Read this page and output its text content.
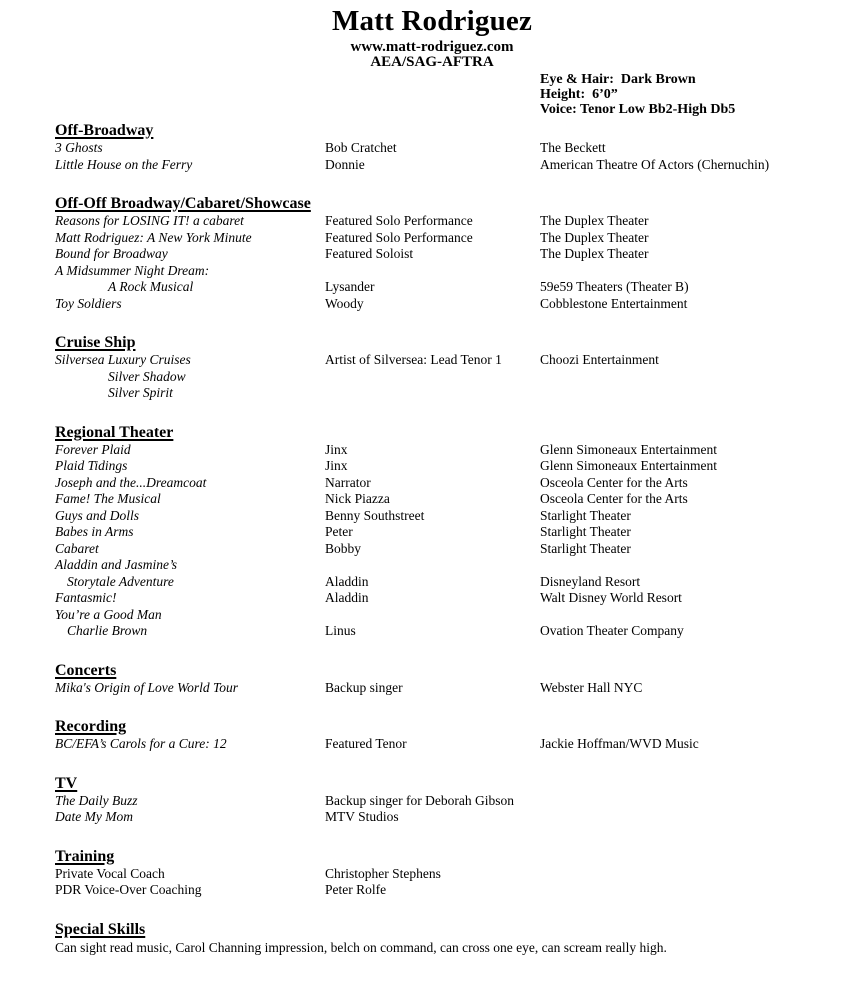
Matt Rodriguez
www.matt-rodriguez.com
AEA/SAG-AFTRA
Eye & Hair:  Dark Brown
Height:  6’0”
Voice: Tenor Low Bb2-High Db5
Off-Broadway
3 Ghosts	Bob Cratchet	The Beckett
Little House on the Ferry	Donnie	American Theatre Of Actors (Chernuchin)
Off-Off Broadway/Cabaret/Showcase
Reasons for LOSING IT! a cabaret	Featured Solo Performance	The Duplex Theater
Matt Rodriguez: A New York Minute	Featured Solo Performance	The Duplex Theater
Bound for Broadway	Featured Soloist	The Duplex Theater
A Midsummer Night Dream:
A Rock Musical	Lysander	59e59 Theaters (Theater B)
Toy Soldiers	Woody	Cobblestone Entertainment
Cruise Ship
Silversea Luxury Cruises	Artist of Silversea: Lead Tenor 1	Choozi Entertainment
Silver Shadow
Silver Spirit
Regional Theater
Forever Plaid	Jinx	Glenn Simoneaux Entertainment
Plaid Tidings	Jinx	Glenn Simoneaux Entertainment
Joseph and the...Dreamcoat	Narrator	Osceola Center for the Arts
Fame! The Musical	Nick Piazza	Osceola Center for the Arts
Guys and Dolls	Benny Southstreet	Starlight Theater
Babes in Arms	Peter	Starlight Theater
Cabaret	Bobby	Starlight Theater
Aladdin and Jasmine’s
Storytale Adventure	Aladdin	Disneyland Resort
Fantasmic!	Aladdin	Walt Disney World Resort
You’re a Good Man
Charlie Brown	Linus	Ovation Theater Company
Concerts
Mika's Origin of Love World Tour	Backup singer	Webster Hall NYC
Recording
BC/EFA’s Carols for a Cure: 12	Featured Tenor	Jackie Hoffman/WVD Music
TV
The Daily Buzz	Backup singer for Deborah Gibson
Date My Mom	MTV Studios
Training
Private Vocal Coach	Christopher Stephens
PDR Voice-Over Coaching	Peter Rolfe
Special Skills
Can sight read music, Carol Channing impression, belch on command, can cross one eye, can scream really high.
